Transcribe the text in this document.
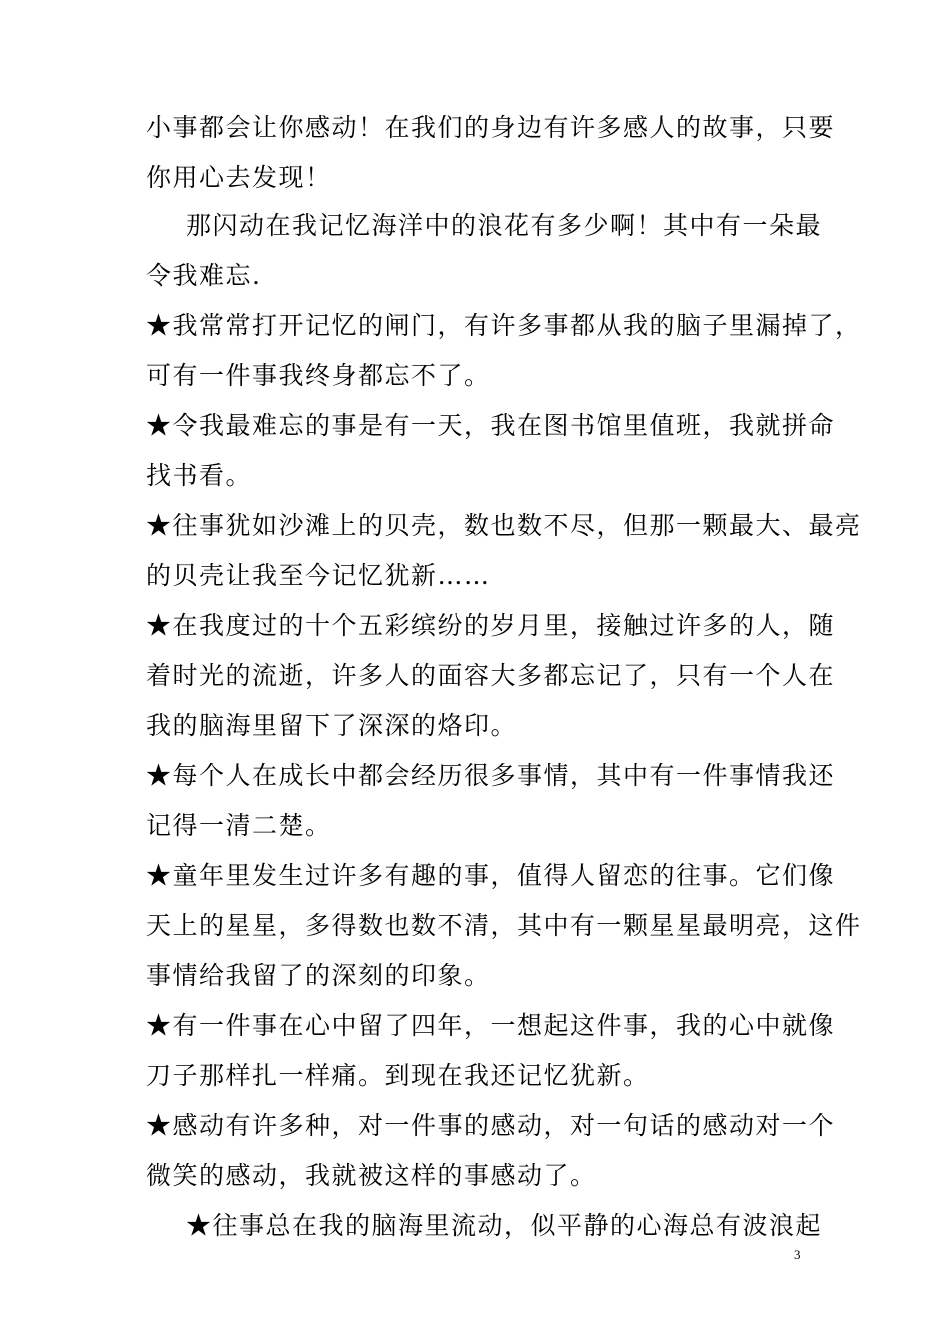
小事都会让你感动！在我们的身边有许多感人的故事，只要
你用心去发现！
那闪动在我记忆海洋中的浪花有多少啊！其中有一朵最
令我难忘.
★我常常打开记忆的闸门，有许多事都从我的脑子里漏掉了，
可有一件事我终身都忘不了。
★令我最难忘的事是有一天，我在图书馆里值班，我就拼命
找书看。
★往事犹如沙滩上的贝壳，数也数不尽，但那一颗最大、最亮
的贝壳让我至今记忆犹新……
★在我度过的十个五彩缤纷的岁月里，接触过许多的人，随
着时光的流逝，许多人的面容大多都忘记了，只有一个人在
我的脑海里留下了深深的烙印。
★每个人在成长中都会经历很多事情，其中有一件事情我还
记得一清二楚。
★童年里发生过许多有趣的事，值得人留恋的往事。它们像
天上的星星，多得数也数不清，其中有一颗星星最明亮，这件
事情给我留了的深刻的印象。
★有一件事在心中留了四年，一想起这件事，我的心中就像
刀子那样扎一样痛。到现在我还记忆犹新。
★感动有许多种，对一件事的感动，对一句话的感动对一个
微笑的感动，我就被这样的事感动了。
★往事总在我的脑海里流动，似平静的心海总有波浪起
3
